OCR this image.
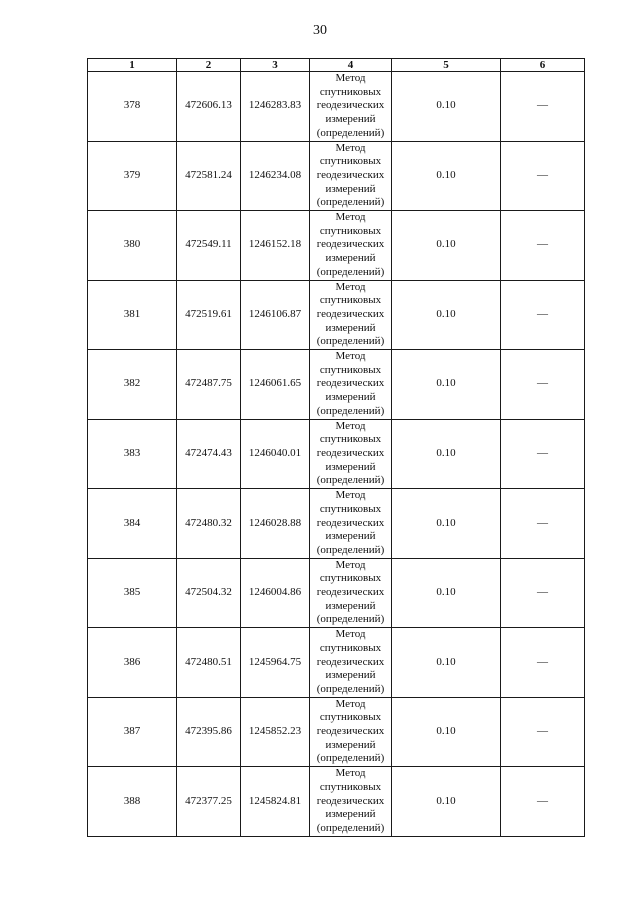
30
1	2	3	4	5	6
378	472606.13	1246283.83	Метод
спутниковых
геодезических
измерений
(определений)	0.10	—
379	472581.24	1246234.08	Метод
спутниковых
геодезических
измерений
(определений)	0.10	—
380	472549.11	1246152.18	Метод
спутниковых
геодезических
измерений
(определений)	0.10	—
381	472519.61	1246106.87	Метод
спутниковых
геодезических
измерений
(определений)	0.10	—
382	472487.75	1246061.65	Метод
спутниковых
геодезических
измерений
(определений)	0.10	—
383	472474.43	1246040.01	Метод
спутниковых
геодезических
измерений
(определений)	0.10	—
384	472480.32	1246028.88	Метод
спутниковых
геодезических
измерений
(определений)	0.10	—
385	472504.32	1246004.86	Метод
спутниковых
геодезических
измерений
(определений)	0.10	—
386	472480.51	1245964.75	Метод
спутниковых
геодезических
измерений
(определений)	0.10	—
387	472395.86	1245852.23	Метод
спутниковых
геодезических
измерений
(определений)	0.10	—
388	472377.25	1245824.81	Метод
спутниковых
геодезических
измерений
(определений)	0.10	—
